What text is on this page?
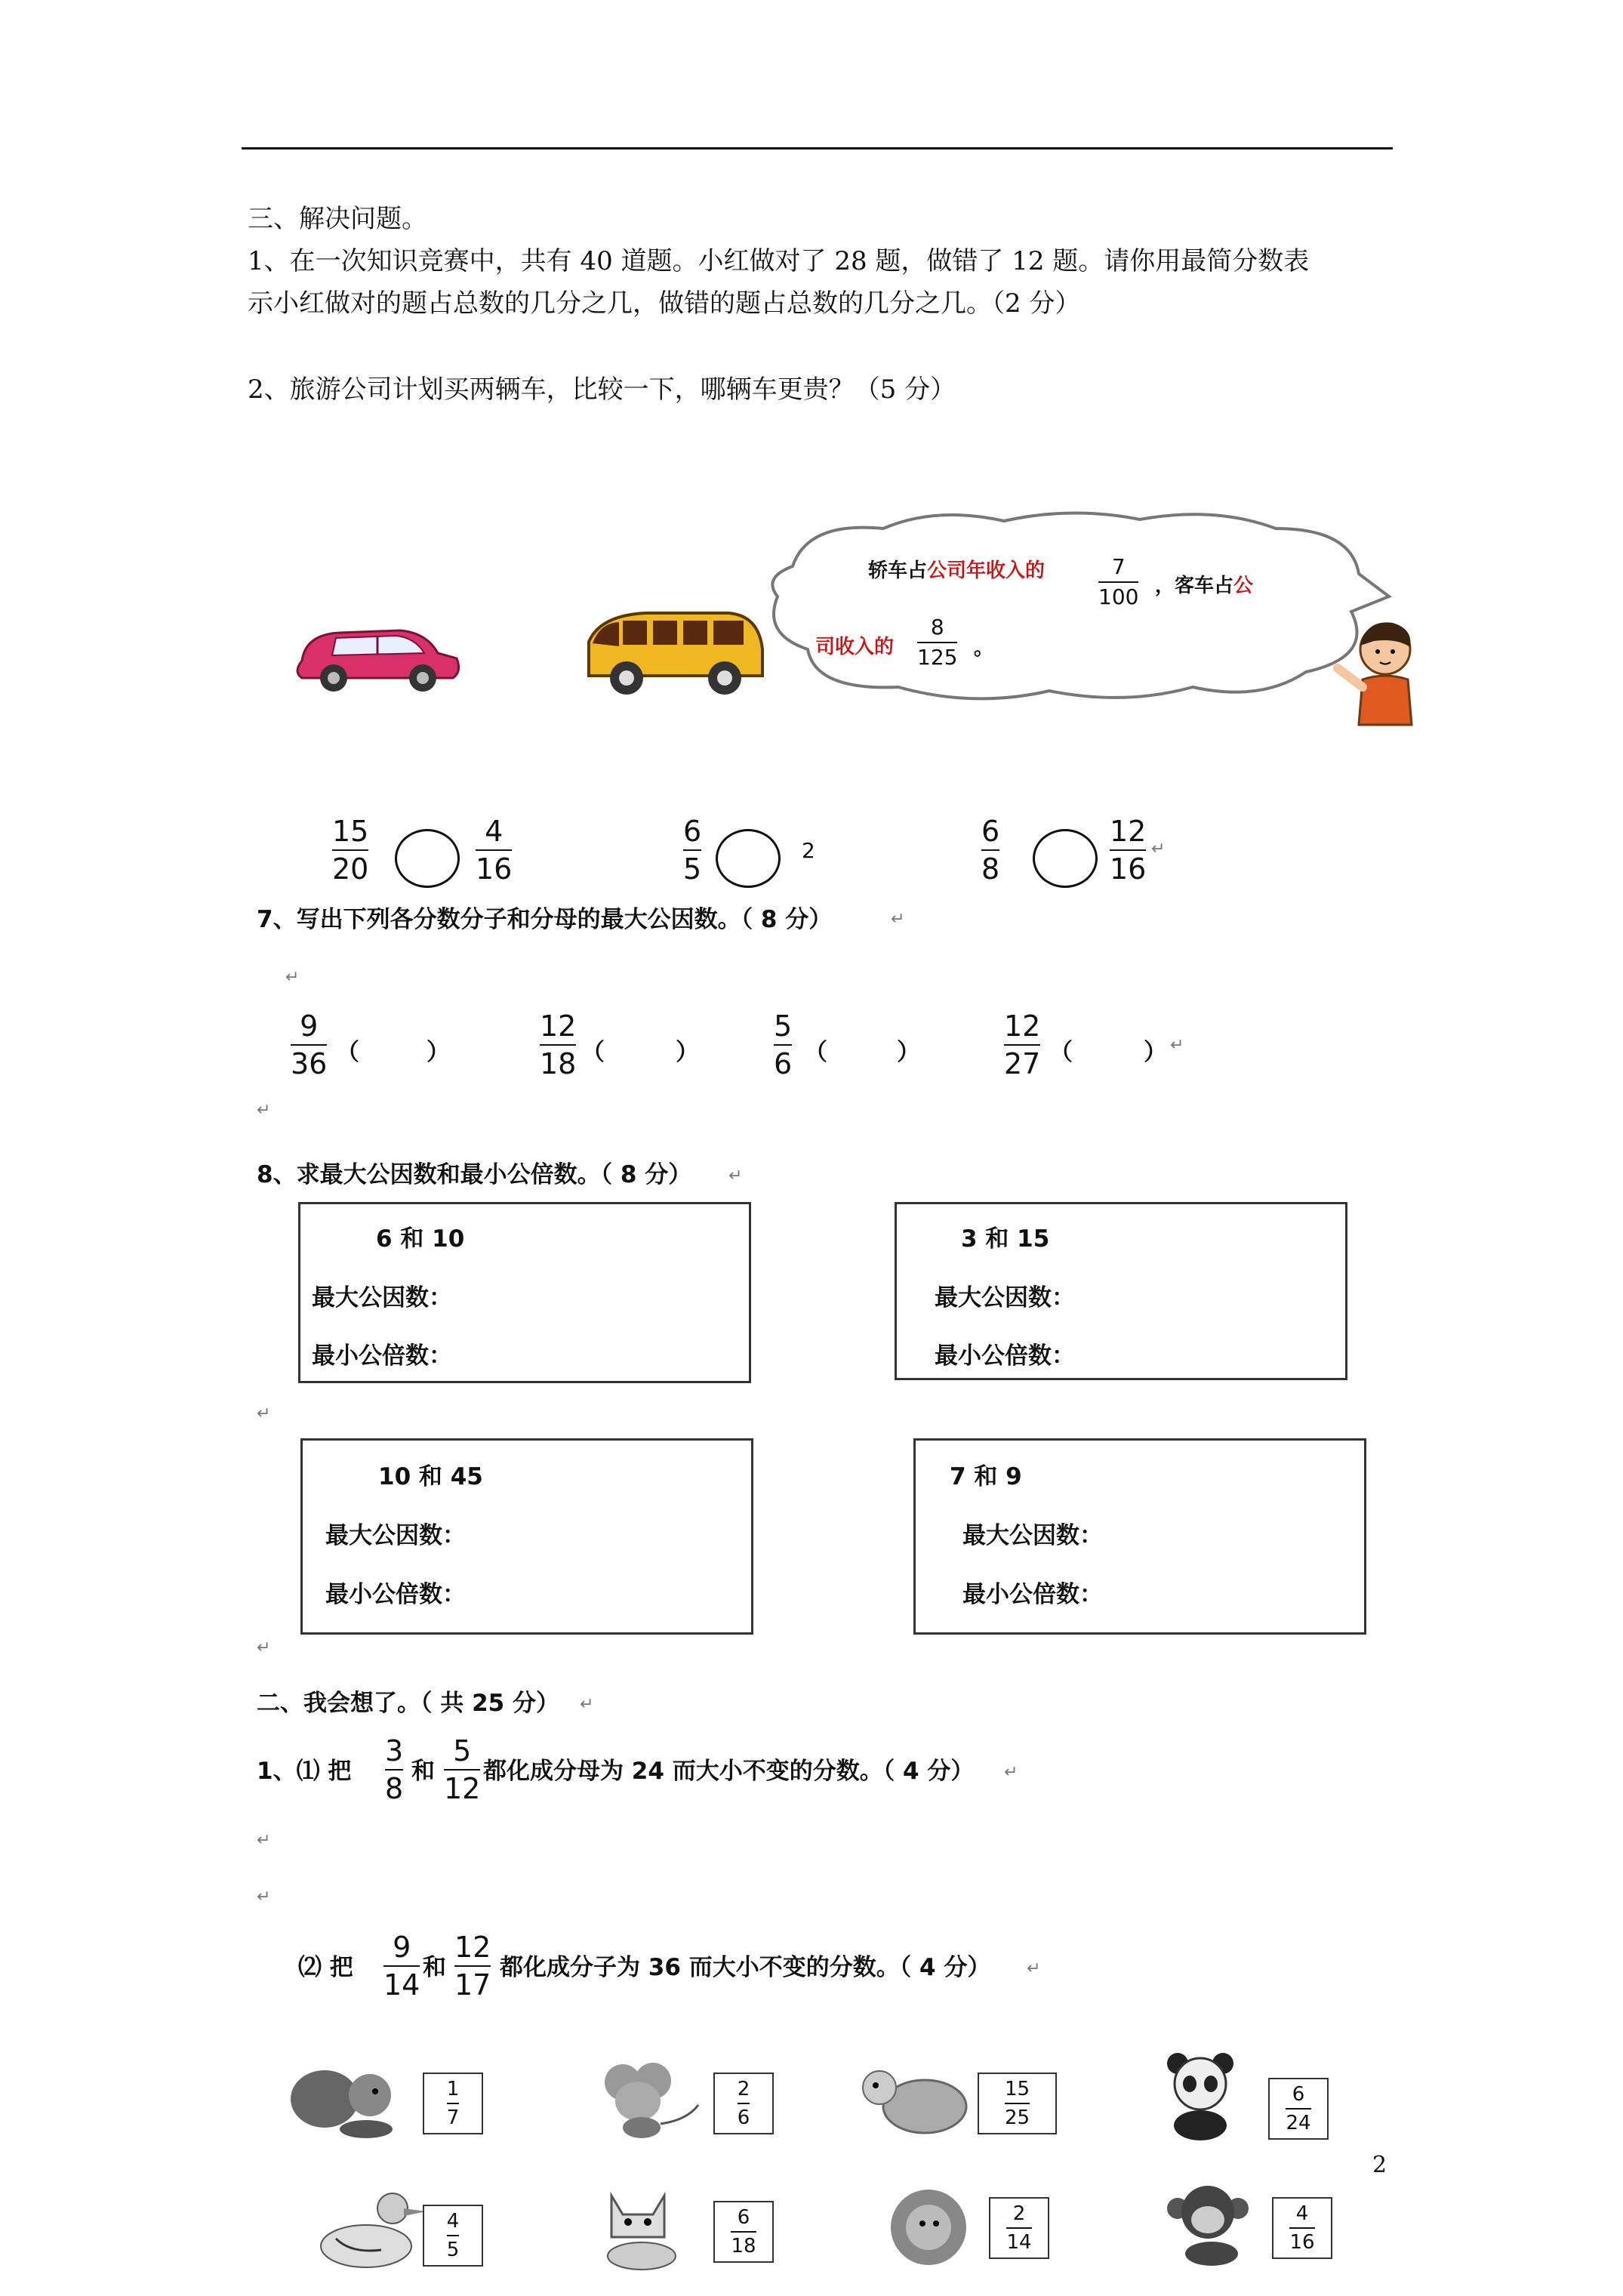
三、解决问题。
1、在一次知识竞赛中，共有 40 道题。小红做对了 28 题，做错了 12 题。请你用最简分数表
示小红做对的题占总数的几分之几，做错的题占总数的几分之几。（2 分）
2、旅游公司计划买两辆车，比较一下，哪辆车更贵？（5 分）
轿车占 公司年收入的	7
100 ，客车占公
司收入的
8
125 。
15
20
4
16
6
5
2
6
8
12
16
↵
7、写出下列各分数分子和分母的最大公因数。（ 8 分）	↵
↵
9
36 （	）
12
18 （	）
5
6 （	）
12
27 （	） ↵
↵
8、求最大公因数和最小公倍数。（ 8 分） ↵
6 和 10
最大公因数：
最小公倍数：
3 和 15
最大公因数：
最小公倍数：
↵
10 和 45
最大公因数：
最小公倍数：
7 和 9
最大公因数：
最小公倍数：
↵
二、我会想了。（ 共 25 分） ↵
1、⑴ 把
3
8
和
5
12
都化成分母为 24 而大小不变的分数。（ 4 分） ↵
↵
↵
⑵ 把
9
14
和
12
17
都化成分子为 36 而大小不变的分数。（ 4 分） ↵
$\frac{1}{7}$	$\frac{2}{6}$	$\frac{15}{25}$	$\frac{6}{24}$
2
$\frac{4}{5}$	$\frac{6}{18}$	$\frac{2}{14}$	$\frac{4}{16}$
